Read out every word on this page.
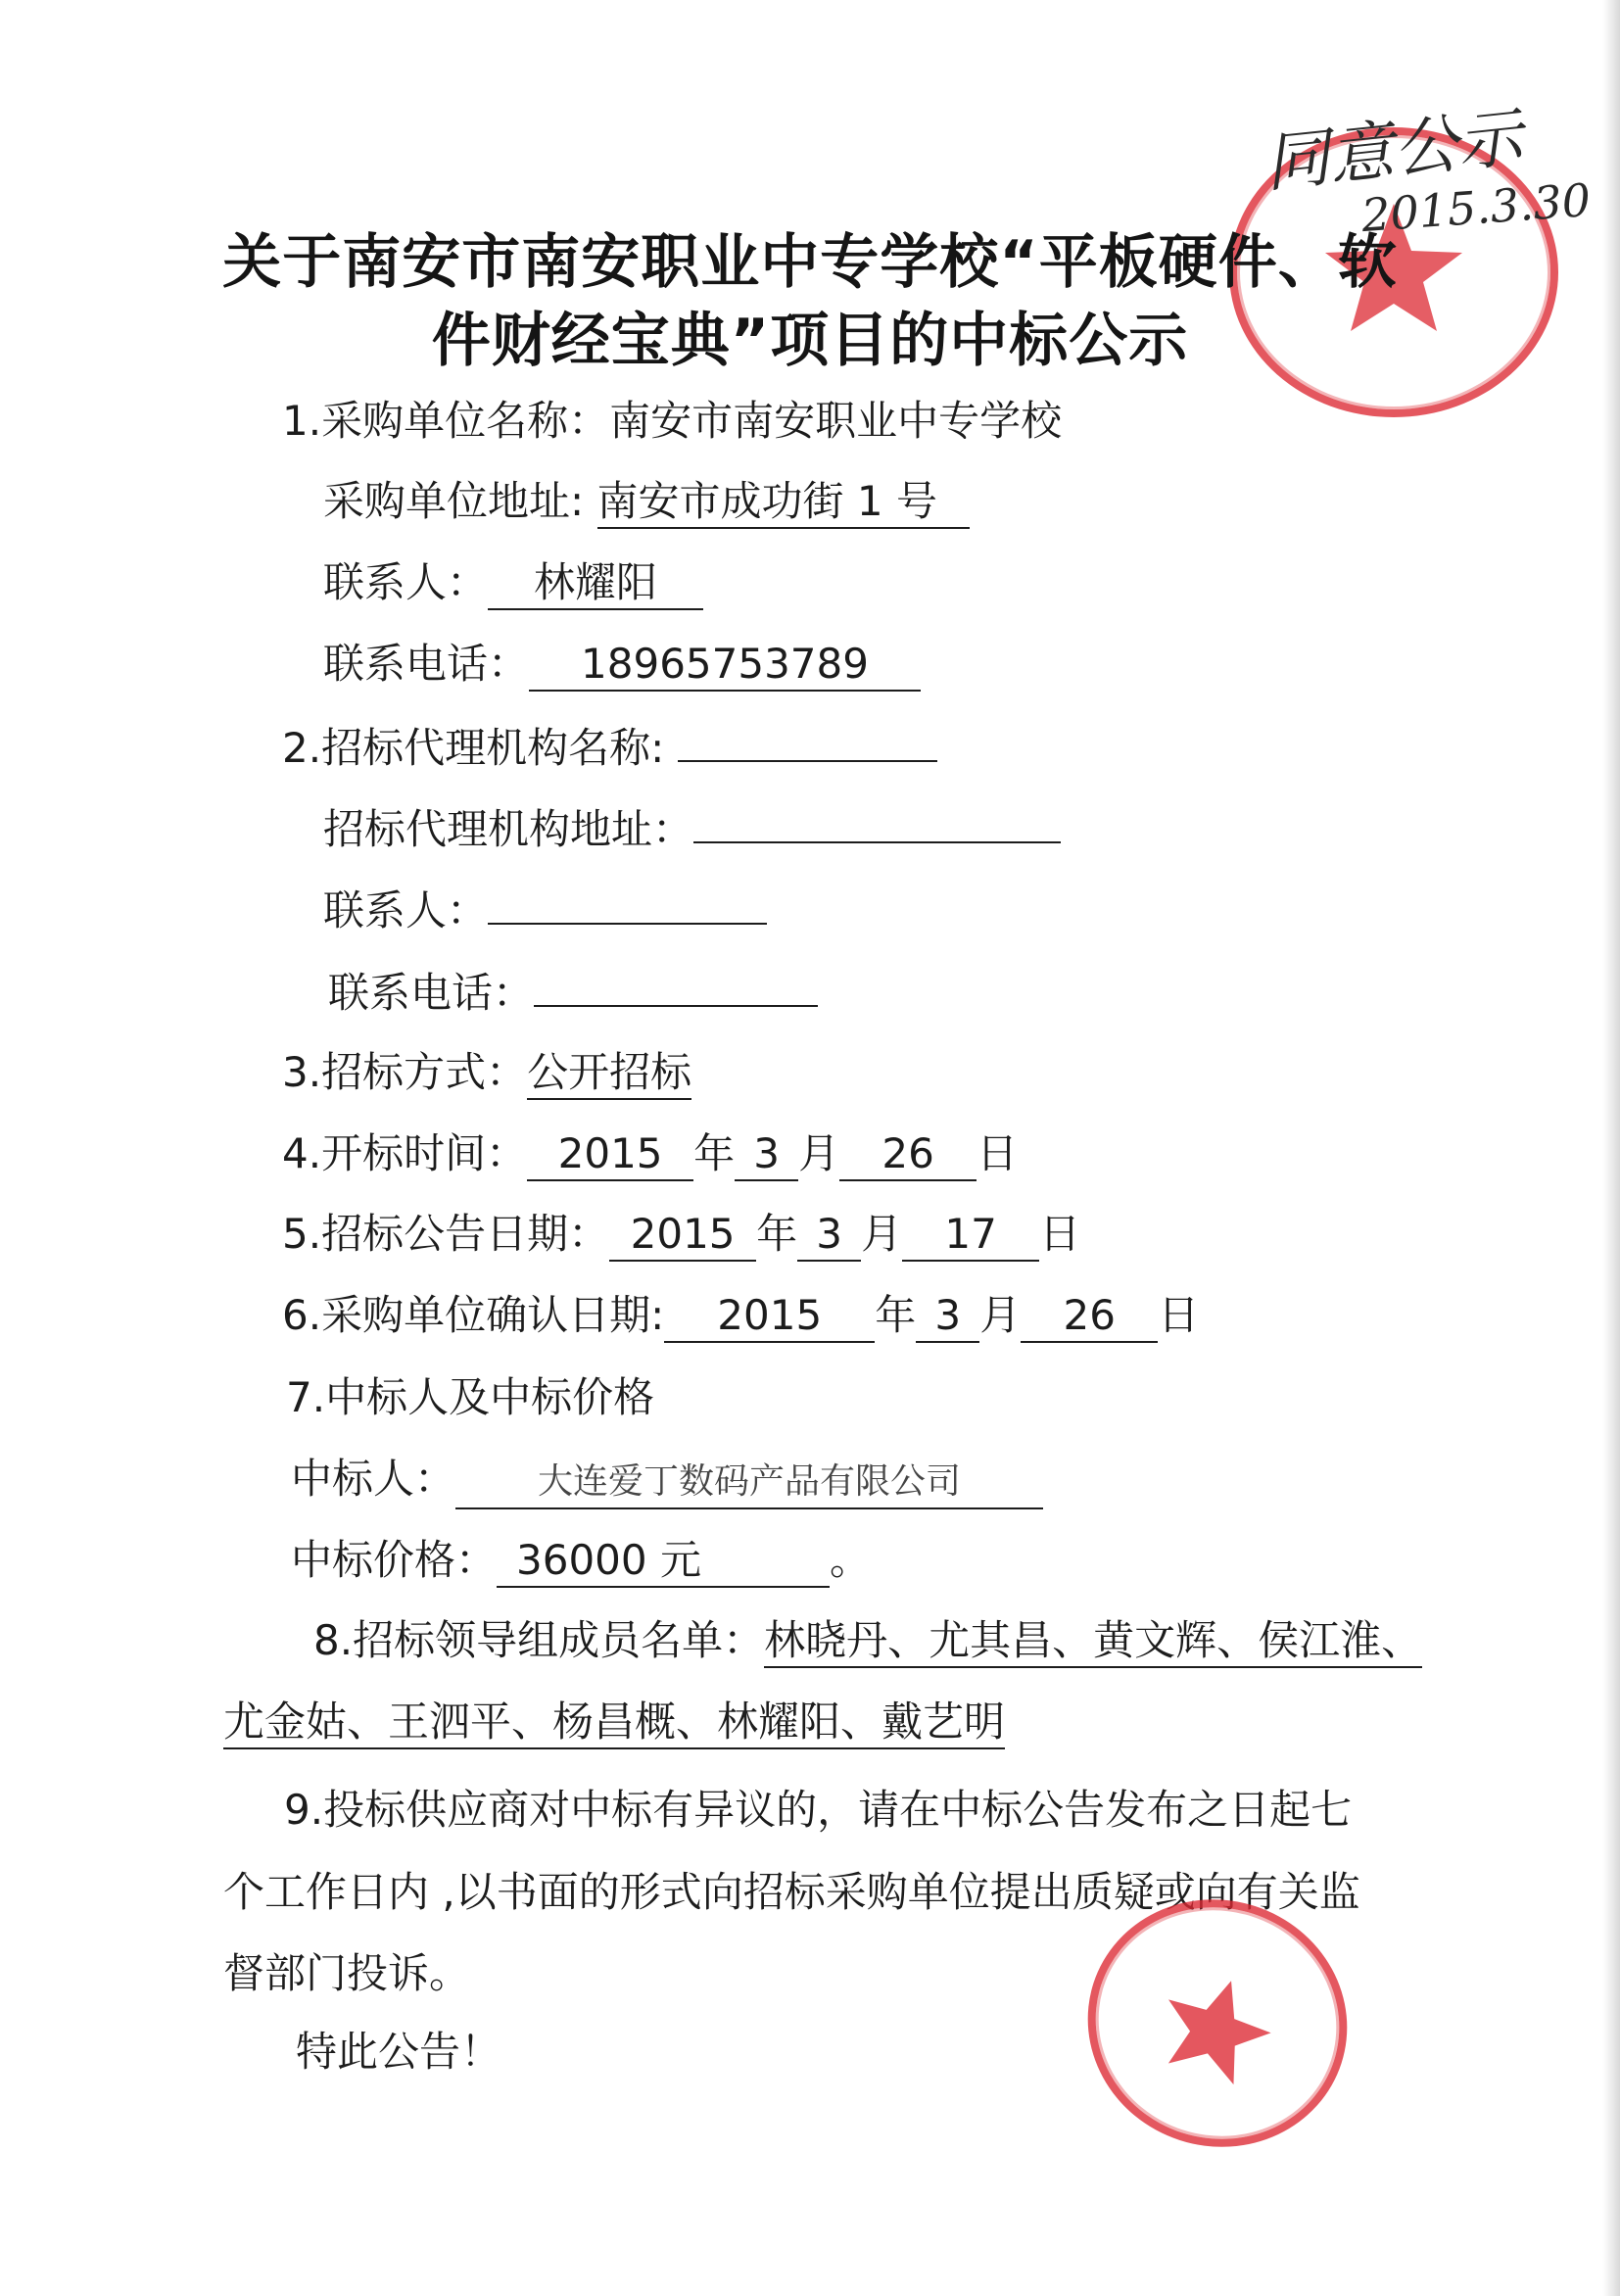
同意公示
2015.3.30
关于南安市南安职业中专学校“平板硬件、软
件财经宝典”项目的中标公示
1.采购单位名称：南安市南安职业中专学校
采购单位地址: 南安市成功街 1 号
联系人： 林耀阳
联系电话： 18965753789
2.招标代理机构名称:
招标代理机构地址：
联系人：
联系电话：
3.招标方式：公开招标
4.开标时间： 2015 年 3 月 26 日
5.招标公告日期： 2015 年 3 月 17 日
6.采购单位确认日期: 2015 年 3 月 26 日
7.中标人及中标价格
中标人： 大连爱丁数码产品有限公司
中标价格： 36000 元	。
8.招标领导组成员名单：林晓丹、尤其昌、黄文辉、侯江淮、
尤金姑、王泗平、杨昌概、林耀阳、戴艺明
9.投标供应商对中标有异议的，请在中标公告发布之日起七
个工作日内 ,以书面的形式向招标采购单位提出质疑或向有关监
督部门投诉。
特此公告！
